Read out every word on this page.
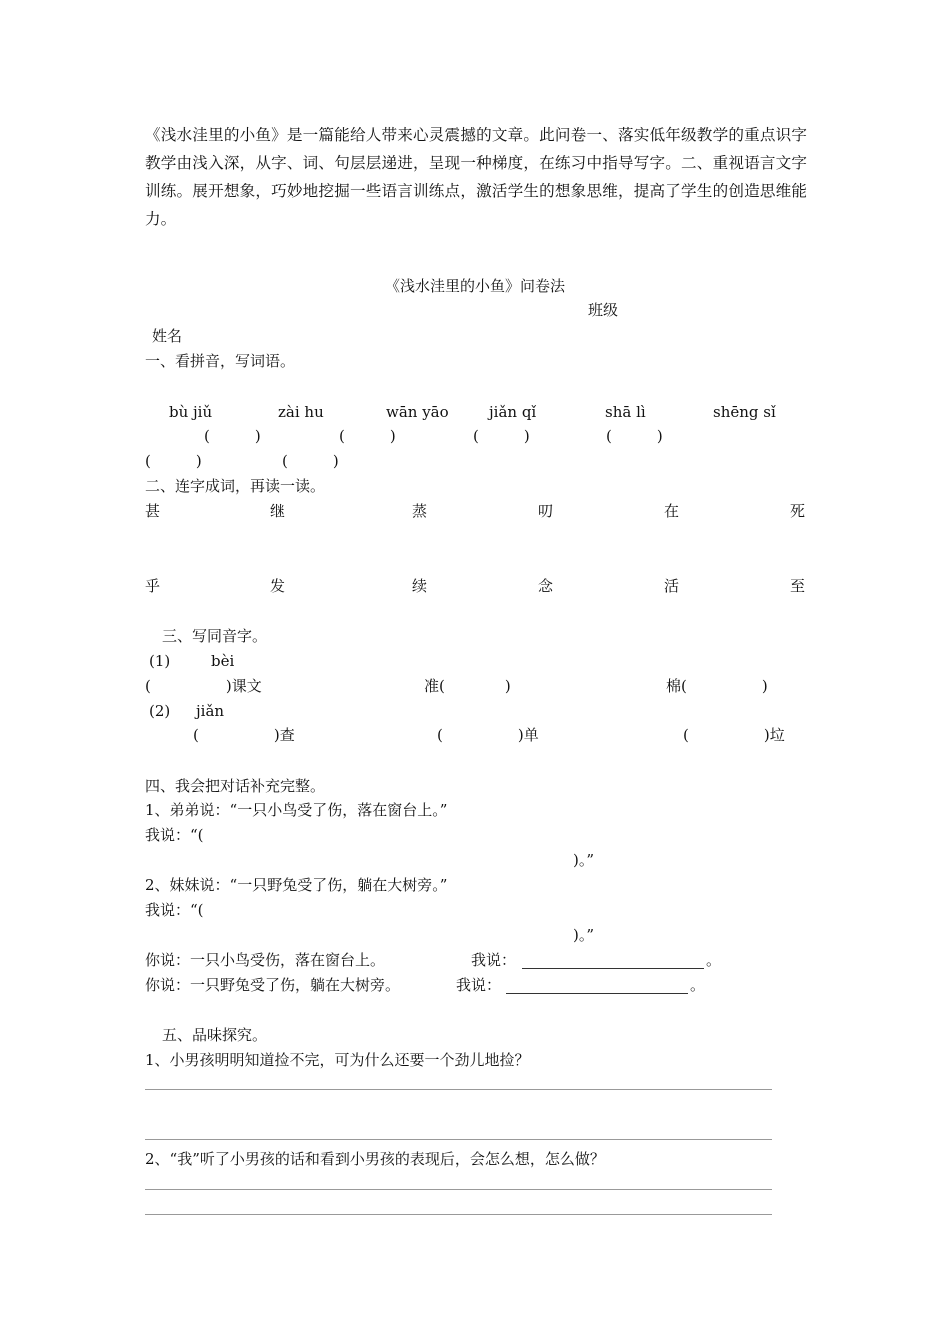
《浅水洼里的小鱼》是一篇能给人带来心灵震撼的文章。此问卷一、落实低年级教学的重点识字教学由浅入深，从字、词、句层层递进，呈现一种梯度，在练习中指导写字。二、重视语言文字训练。展开想象，巧妙地挖掘一些语言训练点，激活学生的想象思维，提高了学生的创造思维能力。
《浅水洼里的小鱼》问卷法
班级
姓名
一、看拼音，写词语。
bù jiǔ	zài hu	wān yāo	jiǎn qǐ	shā lì	shēng sǐ
(　　　)	(　　　)	(　　　)	(　　　)
(　　　)	(　　　)
二、连字成词，再读一读。
甚	继	蒸	叨	在	死
乎	发	续	念	活	至
三、写同音字。
(1)	bèi
(　　　　　)课文	准(　　　　)	棉(　　　　　)
(2) jiǎn
(　　　　　)查	(　　　　　)单	(　　　　　)垃
四、我会把对话补充完整。
1、弟弟说：“一只小鸟受了伤，落在窗台上。”
我说：“(
)。”
2、妹妹说：“一只野兔受了伤，躺在大树旁。”
我说：“(
)。”
你说：一只小鸟受伤，落在窗台上。	我说：	。
你说：一只野兔受了伤，躺在大树旁。	我说：	。
五、品味探究。
1、小男孩明明知道捡不完，可为什么还要一个劲儿地捡？
2、“我”听了小男孩的话和看到小男孩的表现后，会怎么想，怎么做？
